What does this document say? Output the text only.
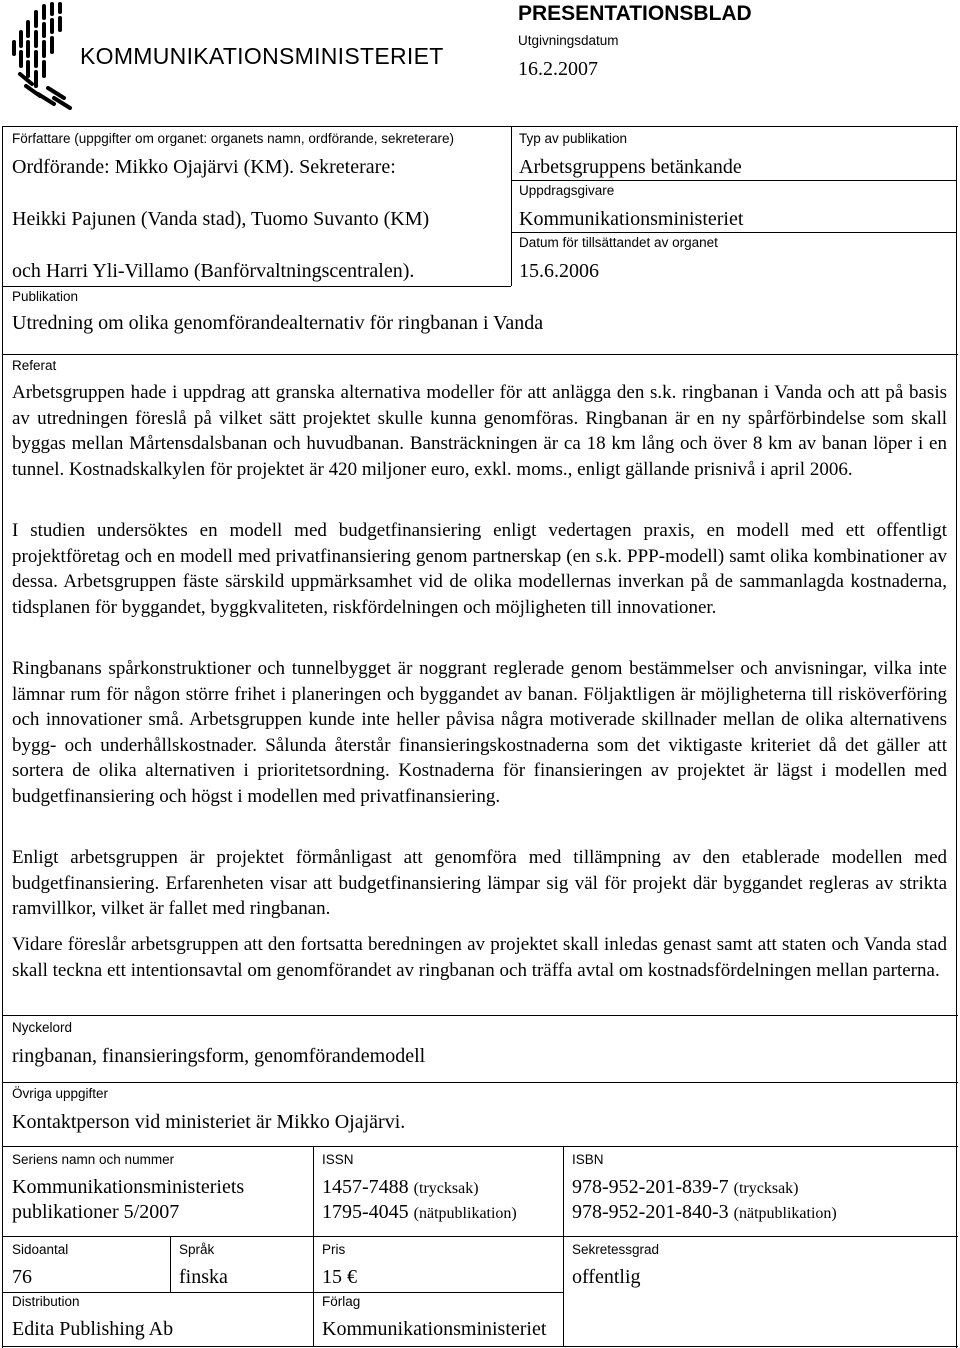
KOMMUNIKATIONSMINISTERIET
PRESENTATIONSBLAD
Utgivningsdatum
16.2.2007
Författare (uppgifter om organet: organets namn, ordförande, sekreterare)
Ordförande: Mikko Ojajärvi (KM). Sekreterare:
Heikki Pajunen (Vanda stad), Tuomo Suvanto (KM)
och Harri Yli-Villamo (Banförvaltningscentralen).
Typ av publikation
Arbetsgruppens betänkande
Uppdragsgivare
Kommunikationsministeriet
Datum för tillsättandet av organet
15.6.2006
Publikation
Utredning om olika genomförandealternativ för ringbanan i Vanda
Referat
Arbetsgruppen hade i uppdrag att granska alternativa modeller för att anlägga den s.k. ringbanan i Vanda och att på basis av utredningen föreslå på vilket sätt projektet skulle kunna genomföras. Ringbanan är en ny spårförbindelse som skall byggas mellan Mårtensdalsbanan och huvudbanan. Bansträckningen är ca 18 km lång och över 8 km av banan löper i en tunnel. Kostnadskalkylen för projektet är 420 miljoner euro, exkl. moms., enligt gällande prisnivå i april 2006.
I studien undersöktes en modell med budgetfinansiering enligt vedertagen praxis, en modell med ett offentligt projektföretag och en modell med privatfinansiering genom partnerskap (en s.k. PPP-modell) samt olika kombinationer av dessa. Arbetsgruppen fäste särskild uppmärksamhet vid de olika modellernas inverkan på de sammanlagda kostnaderna, tidsplanen för byggandet, byggkvaliteten, riskfördelningen och möjligheten till innovationer.
Ringbanans spårkonstruktioner och tunnelbygget är noggrant reglerade genom bestämmelser och anvisningar, vilka inte lämnar rum för någon större frihet i planeringen och byggandet av banan. Följaktligen är möjligheterna till risköverföring och innovationer små. Arbetsgruppen kunde inte heller påvisa några motiverade skillnader mellan de olika alternativens bygg- och underhållskostnader. Sålunda återstår finansieringskostnaderna som det viktigaste kriteriet då det gäller att sortera de olika alternativen i prioritetsordning. Kostnaderna för finansieringen av projektet är lägst i modellen med budgetfinansiering och högst i modellen med privatfinansiering.
Enligt arbetsgruppen är projektet förmånligast att genomföra med tillämpning av den etablerade modellen med budgetfinansiering. Erfarenheten visar att budgetfinansiering lämpar sig väl för projekt där byggandet regleras av strikta ramvillkor, vilket är fallet med ringbanan.
Vidare föreslår arbetsgruppen att den fortsatta beredningen av projektet skall inledas genast samt att staten och Vanda stad skall teckna ett intentionsavtal om genomförandet av ringbanan och träffa avtal om kostnadsfördelningen mellan parterna.
Nyckelord
ringbanan, finansieringsform, genomförandemodell
Övriga uppgifter
Kontaktperson vid ministeriet är Mikko Ojajärvi.
Seriens namn och nummer
Kommunikationsministeriets
publikationer 5/2007
ISSN
1457-7488 (trycksak)
1795-4045 (nätpublikation)
ISBN
978-952-201-839-7 (trycksak)
978-952-201-840-3 (nätpublikation)
Sidoantal
76
Språk
finska
Pris
15 €
Sekretessgrad
offentlig
Distribution
Edita Publishing Ab
Förlag
Kommunikationsministeriet
